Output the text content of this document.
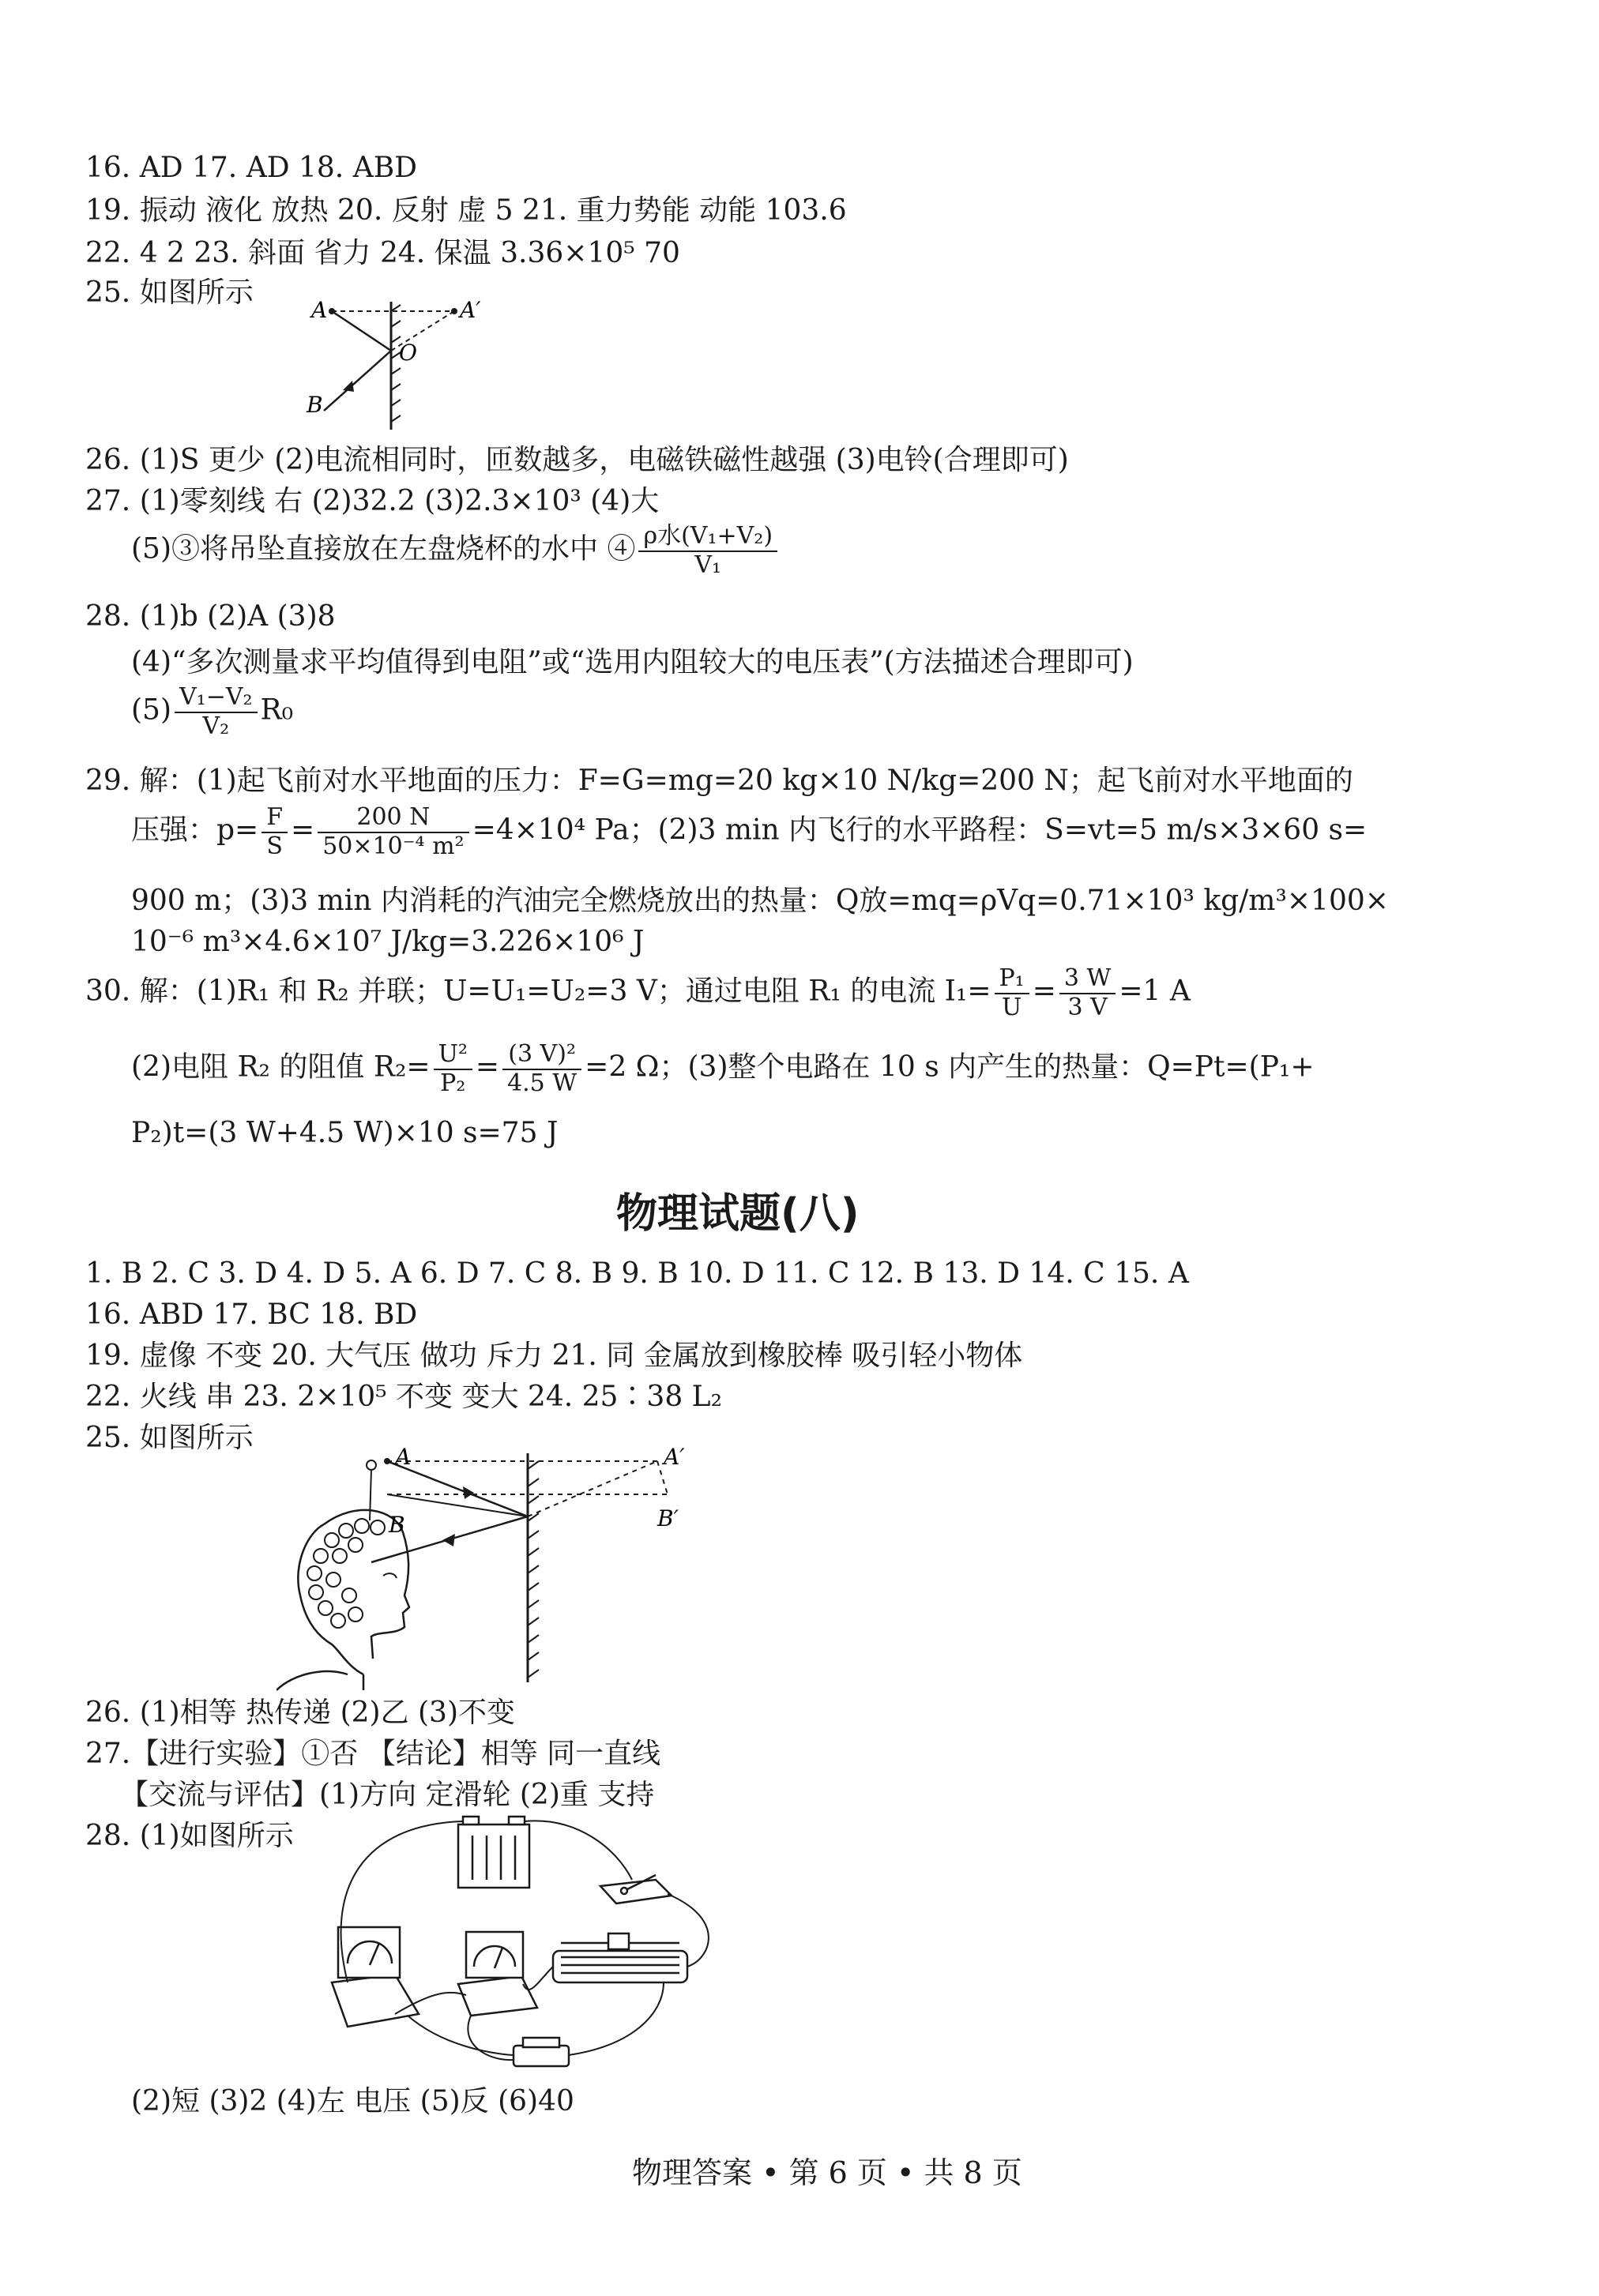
16. AD 17. AD 18. ABD
19. 振动 液化 放热 20. 反射 虚 5 21. 重力势能 动能 103.6
22. 4 2 23. 斜面 省力 24. 保温 3.36×10⁵ 70
25. 如图所示
A	A′
O
B
26. (1)S 更少 (2)电流相同时，匝数越多，电磁铁磁性越强 (3)电铃(合理即可)
27. (1)零刻线 右 (2)32.2 (3)2.3×10³ (4)大
(5)③将吊坠直接放在左盘烧杯的水中 ④ $\frac{\text{ρ水(V₁+V₂)}}{\text{V₁}}$
28. (1)b (2)A (3)8
(4)“多次测量求平均值得到电阻”或“选用内阻较大的电压表”(方法描述合理即可)
$(5) \frac{\text{V₁−V₂}}{\text{V₂}} R_0$
29. 解：(1)起飞前对水平地面的压力：F=G=mg=20 kg×10 N/kg=200 N；起飞前对水平地面的
压强：$p= \frac{F}{S} = \frac{200 N}{\text{50×10⁻⁴ m²}} =4\times 10^4$ Pa；(2)3 min 内飞行的水平路程：S=vt=5 m/s×3×60 s=
900 m；(3)3 min 内消耗的汽油完全燃烧放出的热量：Q放=mq=ρVq=0.71×10³ kg/m³×100×
10⁻⁶ m³×4.6×10⁷ J/kg=3.226×10⁶ J
30. 解：(1)R₁ 和 R₂ 并联；U=U₁=U₂=3 V；通过电阻 R₁ 的电流 $I_1= \frac{\text{P₁}}{U} = \frac{3 W}{3 V} =1$ A
(2)电阻 R₂ 的阻值 $R_2= \frac{\text{U²}}{\text{P₂}} = \frac{\text{(3 V)²}}{4.5 W} =2$ Ω；(3)整个电路在 10 s 内产生的热量：Q=Pt=(P₁+
P₂)t=(3 W+4.5 W)×10 s=75 J
物理试题(八)
1. B 2. C 3. D 4. D 5. A 6. D 7. C 8. B 9. B 10. D 11. C 12. B 13. D 14. C 15. A
16. ABD 17. BC 18. BD
19. 虚像 不变 20. 大气压 做功 斥力 21. 同 金属放到橡胶棒 吸引轻小物体
22. 火线 串 23. 2×10⁵ 不变 变大 24. 25∶38 L₂
25. 如图所示
A	A′
B	B′
26. (1)相等 热传递 (2)乙 (3)不变
27.【进行实验】①否 【结论】相等 同一直线
【交流与评估】(1)方向 定滑轮 (2)重 支持
28. (1)如图所示
(2)短 (3)2 (4)左 电压 (5)反 (6)40
物理答案 • 第 6 页 • 共 8 页
